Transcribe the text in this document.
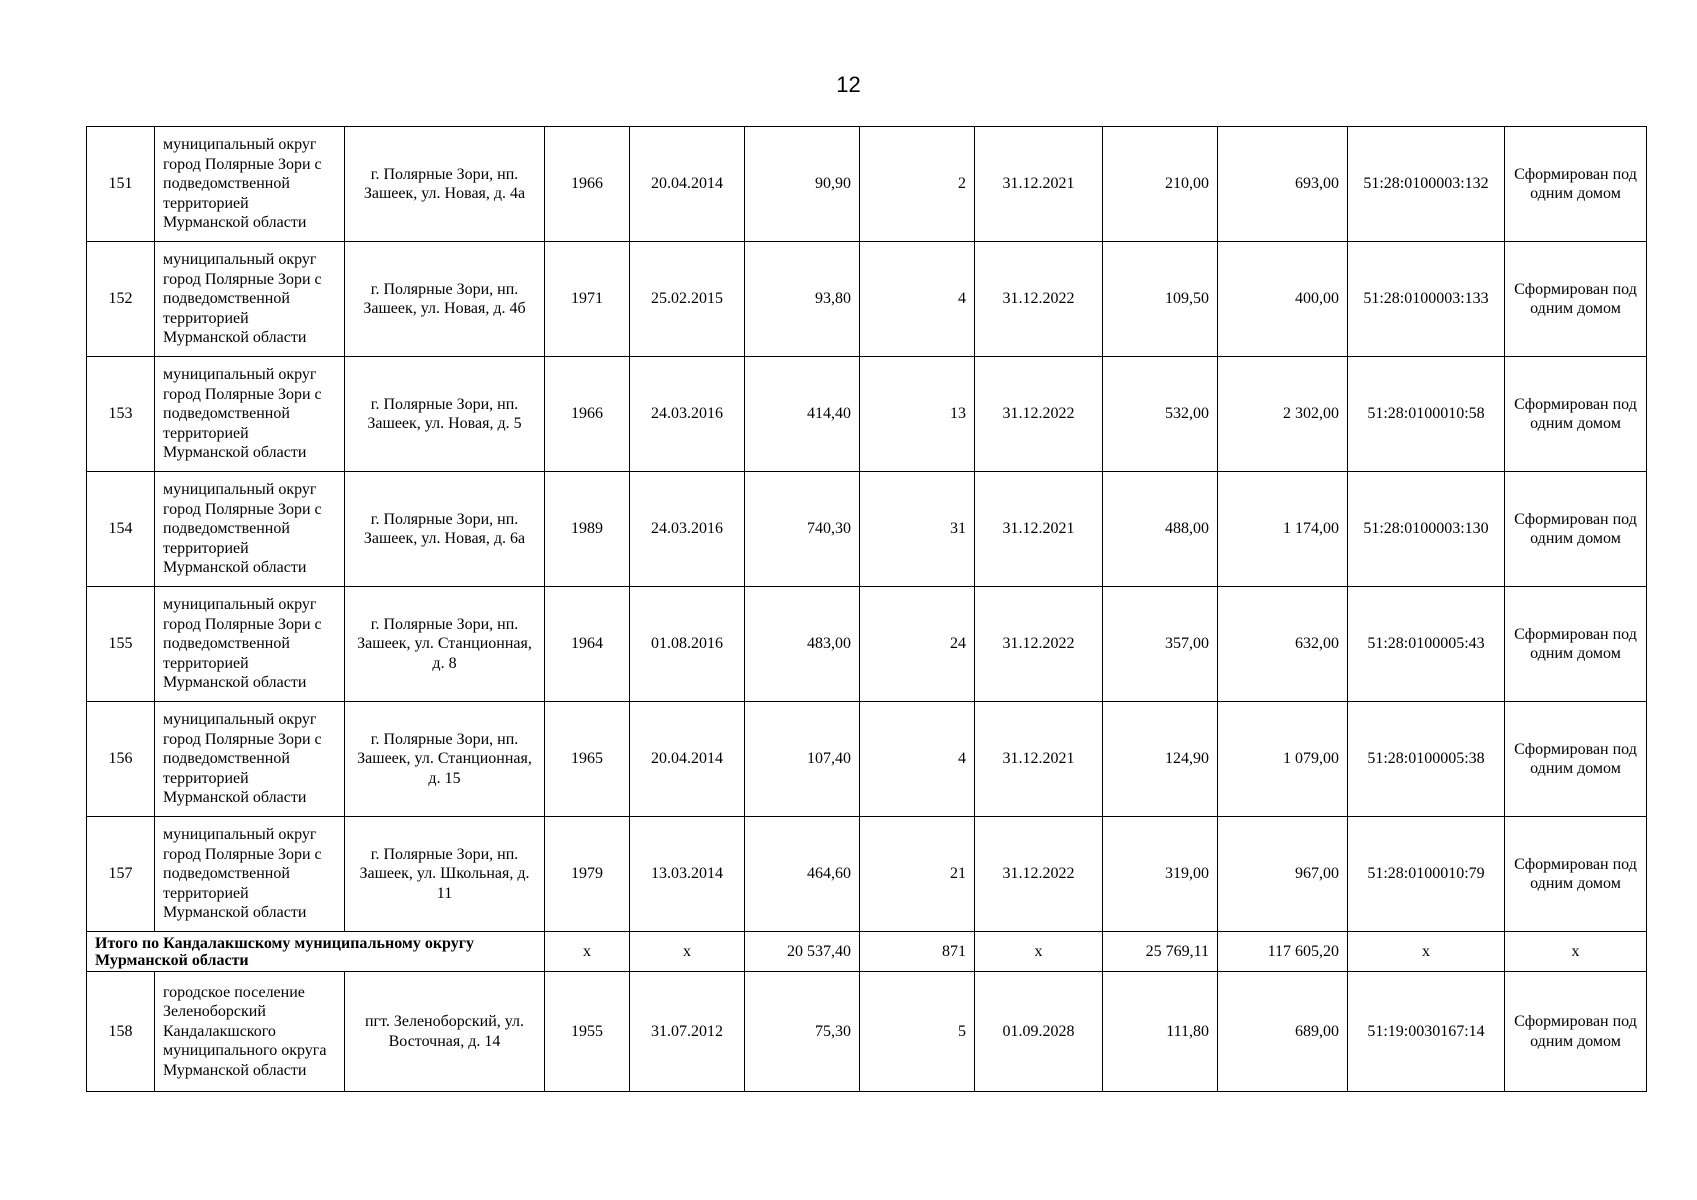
12
151	муниципальный округ город Полярные Зори с подведомственной территорией Мурманской области	г. Полярные Зори, нп. Зашеек, ул. Новая, д. 4а	1966	20.04.2014	90,90	2	31.12.2021	210,00	693,00	51:28:0100003:132	Сформирован под одним домом
152	муниципальный округ город Полярные Зори с подведомственной территорией Мурманской области	г. Полярные Зори, нп. Зашеек, ул. Новая, д. 4б	1971	25.02.2015	93,80	4	31.12.2022	109,50	400,00	51:28:0100003:133	Сформирован под одним домом
153	муниципальный округ город Полярные Зори с подведомственной территорией Мурманской области	г. Полярные Зори, нп. Зашеек, ул. Новая, д. 5	1966	24.03.2016	414,40	13	31.12.2022	532,00	2 302,00	51:28:0100010:58	Сформирован под одним домом
154	муниципальный округ город Полярные Зори с подведомственной территорией Мурманской области	г. Полярные Зори, нп. Зашеек, ул. Новая, д. 6а	1989	24.03.2016	740,30	31	31.12.2021	488,00	1 174,00	51:28:0100003:130	Сформирован под одним домом
155	муниципальный округ город Полярные Зори с подведомственной территорией Мурманской области	г. Полярные Зори, нп. Зашеек, ул. Станционная, д. 8	1964	01.08.2016	483,00	24	31.12.2022	357,00	632,00	51:28:0100005:43	Сформирован под одним домом
156	муниципальный округ город Полярные Зори с подведомственной территорией Мурманской области	г. Полярные Зори, нп. Зашеек, ул. Станционная, д. 15	1965	20.04.2014	107,40	4	31.12.2021	124,90	1 079,00	51:28:0100005:38	Сформирован под одним домом
157	муниципальный округ город Полярные Зори с подведомственной территорией Мурманской области	г. Полярные Зори, нп. Зашеек, ул. Школьная, д. 11	1979	13.03.2014	464,60	21	31.12.2022	319,00	967,00	51:28:0100010:79	Сформирован под одним домом
Итого по Кандалакшскому муниципальному округу Мурманской области			х	х	20 537,40	871	х	25 769,11	117 605,20	х	х
158	городское поселение Зеленоборский Кандалакшского муниципального округа Мурманской области	пгт. Зеленоборский, ул. Восточная, д. 14	1955	31.07.2012	75,30	5	01.09.2028	111,80	689,00	51:19:0030167:14	Сформирован под одним домом
